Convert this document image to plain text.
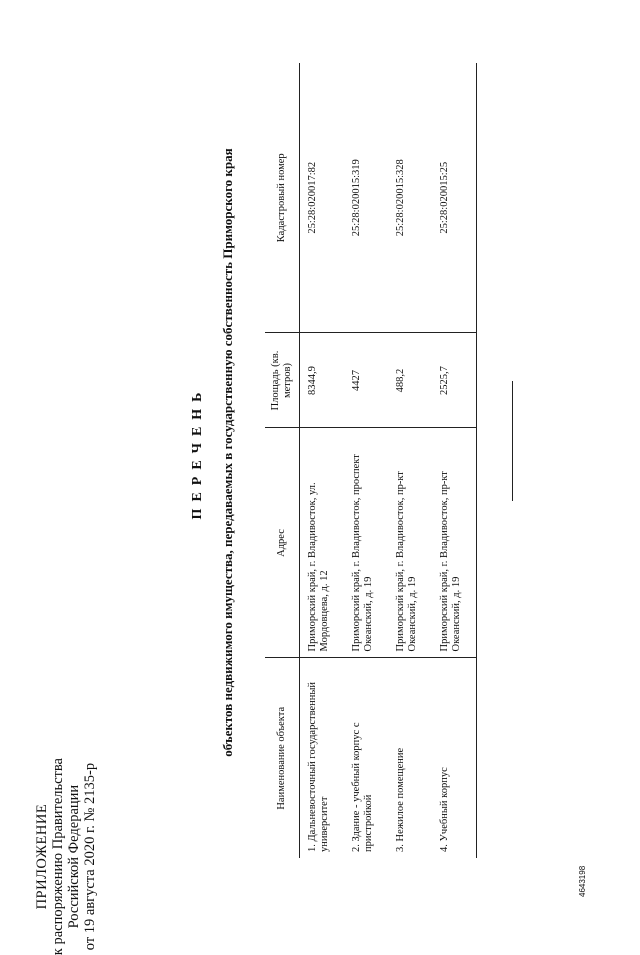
ПРИЛОЖЕНИЕ к распоряжению Правительства Российской Федерации от 19 августа 2020 г. № 2135-р
ПЕРЕЧЕНЬ объектов недвижимого имущества, передаваемых в государственную собственность Приморского края
Наименование объекта	Адрес	Площадь (кв. метров)	Кадастровый номер
1. Дальневосточный государственный университет	Приморский край, г. Владивосток, ул. Мордовцева, д. 12	8344,9	25:28:020017:82
2. Здание - учебный корпус с пристройкой	Приморский край, г. Владивосток, проспект Океанский, д. 19	4427	25:28:020015:319
3. Нежилое помещение	Приморский край, г. Владивосток, пр-кт Океанский, д. 19	488,2	25:28:020015:328
4. Учебный корпус	Приморский край, г. Владивосток, пр-кт Океанский, д. 19	2525,7	25:28:020015:25
4643198
